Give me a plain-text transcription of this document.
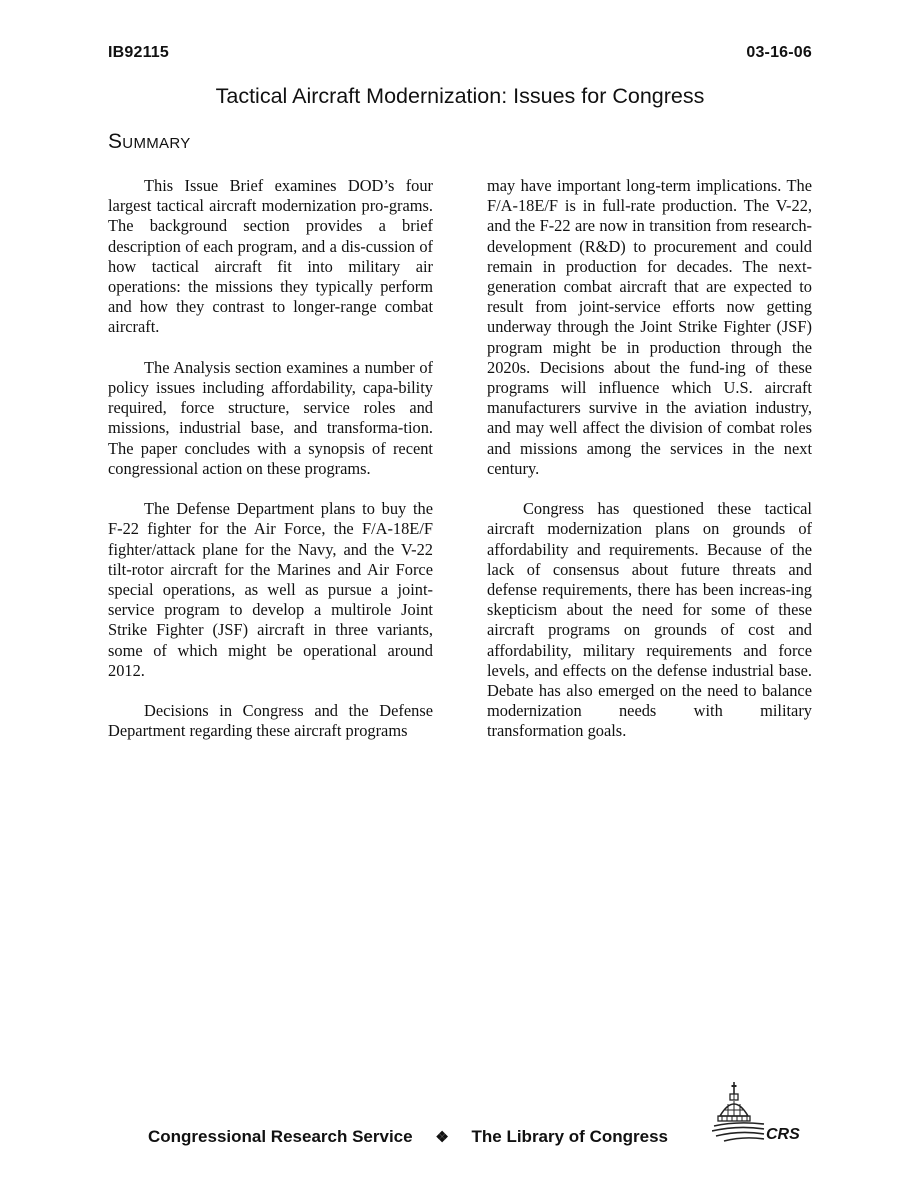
IB92115	03-16-06
Tactical Aircraft Modernization: Issues for Congress
Summary

This Issue Brief examines DOD’s four largest tactical aircraft modernization pro-grams. The background section provides a brief description of each program, and a dis-cussion of how tactical aircraft fit into military air operations: the missions they typically perform and how they contrast to longer-range combat aircraft.

The Analysis section examines a number of policy issues including affordability, capa-bility required, force structure, service roles and missions, industrial base, and transforma-tion. The paper concludes with a synopsis of recent congressional action on these programs.

The Defense Department plans to buy the F-22 fighter for the Air Force, the F/A-18E/F fighter/attack plane for the Navy, and the V-22 tilt-rotor aircraft for the Marines and Air Force special operations, as well as pursue a joint-service program to develop a multirole Joint Strike Fighter (JSF) aircraft in three variants, some of which might be operational around 2012.

Decisions in Congress and the Defense Department regarding these aircraft programs

may have important long-term implications. The F/A-18E/F is in full-rate production. The V-22, and the F-22 are now in transition from research-development (R&D) to procurement and could remain in production for decades. The next-generation combat aircraft that are expected to result from joint-service efforts now getting underway through the Joint Strike Fighter (JSF) program might be in production through the 2020s. Decisions about the fund-ing of these programs will influence which U.S. aircraft manufacturers survive in the aviation industry, and may well affect the division of combat roles and missions among the services in the next century.

Congress has questioned these tactical aircraft modernization plans on grounds of affordability and requirements. Because of the lack of consensus about future threats and defense requirements, there has been increas-ing skepticism about the need for some of these aircraft programs on grounds of cost and affordability, military requirements and force levels, and effects on the defense industrial base. Debate has also emerged on the need to balance modernization needs with military transformation goals.

Congressional Research Service ❖ The Library of Congress	CRS
